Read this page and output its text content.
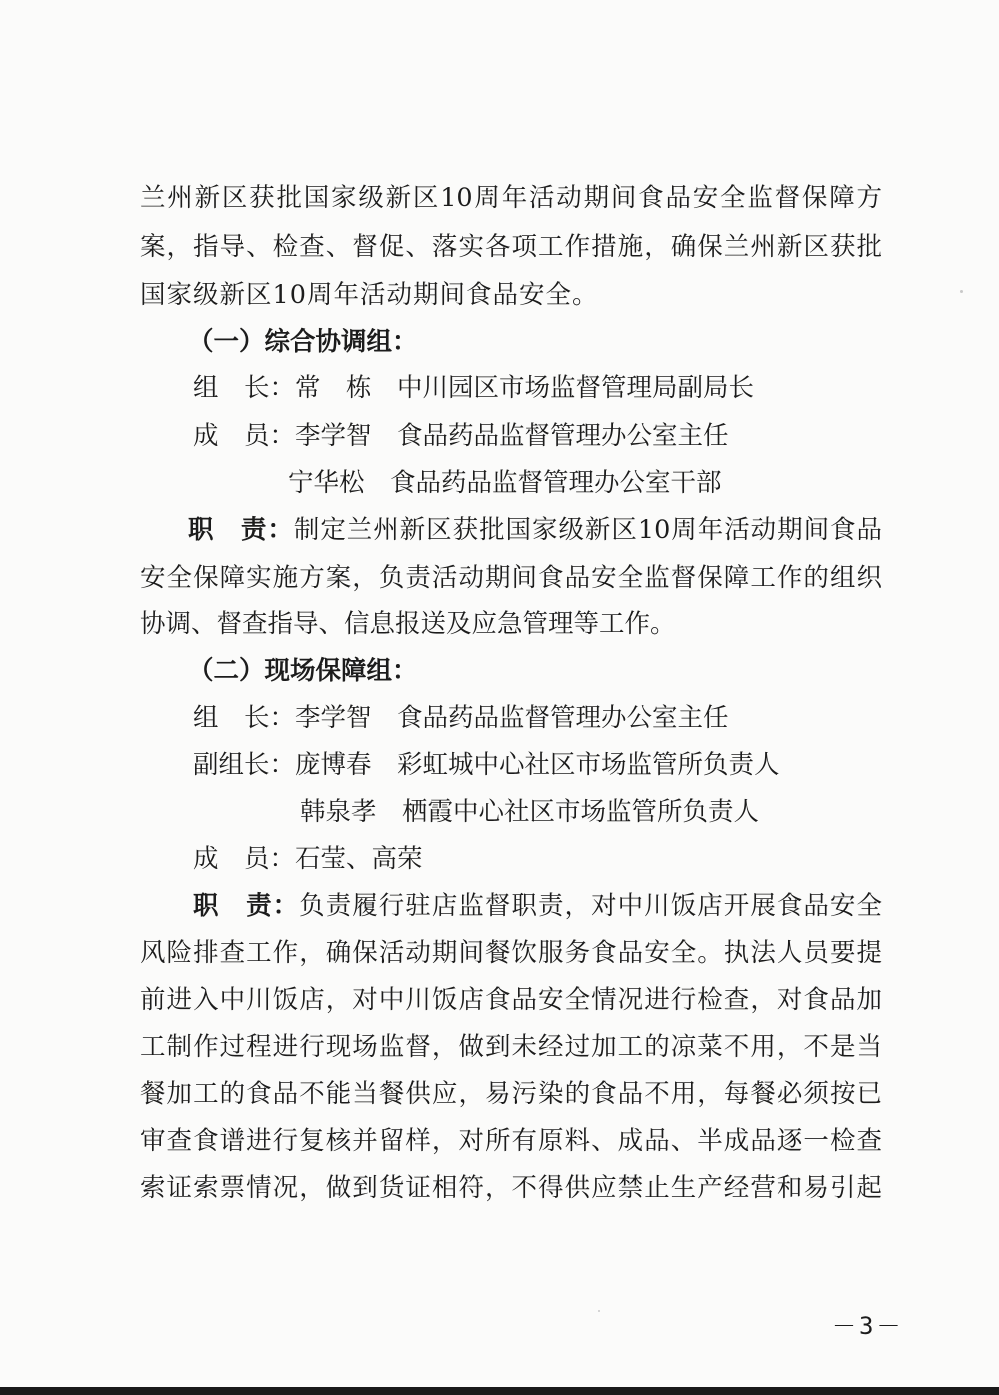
兰州新区获批国家级新区10周年活动期间食品安全监督保障方
案，指导、检查、督促、落实各项工作措施，确保兰州新区获批
国家级新区10周年活动期间食品安全。
（一）综合协调组：
组　长：常　栋　中川园区市场监督管理局副局长
成　员：李学智　食品药品监督管理办公室主任
宁华松　食品药品监督管理办公室干部
职　责：制定兰州新区获批国家级新区10周年活动期间食品
安全保障实施方案，负责活动期间食品安全监督保障工作的组织
协调、督查指导、信息报送及应急管理等工作。
（二）现场保障组：
组　长：李学智　食品药品监督管理办公室主任
副组长：庞博春　彩虹城中心社区市场监管所负责人
韩泉孝　栖霞中心社区市场监管所负责人
成　员：石莹、高荣
职　责：负责履行驻店监督职责，对中川饭店开展食品安全
风险排查工作，确保活动期间餐饮服务食品安全。执法人员要提
前进入中川饭店，对中川饭店食品安全情况进行检查，对食品加
工制作过程进行现场监督，做到未经过加工的凉菜不用，不是当
餐加工的食品不能当餐供应，易污染的食品不用，每餐必须按已
审查食谱进行复核并留样，对所有原料、成品、半成品逐一检查
索证索票情况，做到货证相符，不得供应禁止生产经营和易引起
－3－
